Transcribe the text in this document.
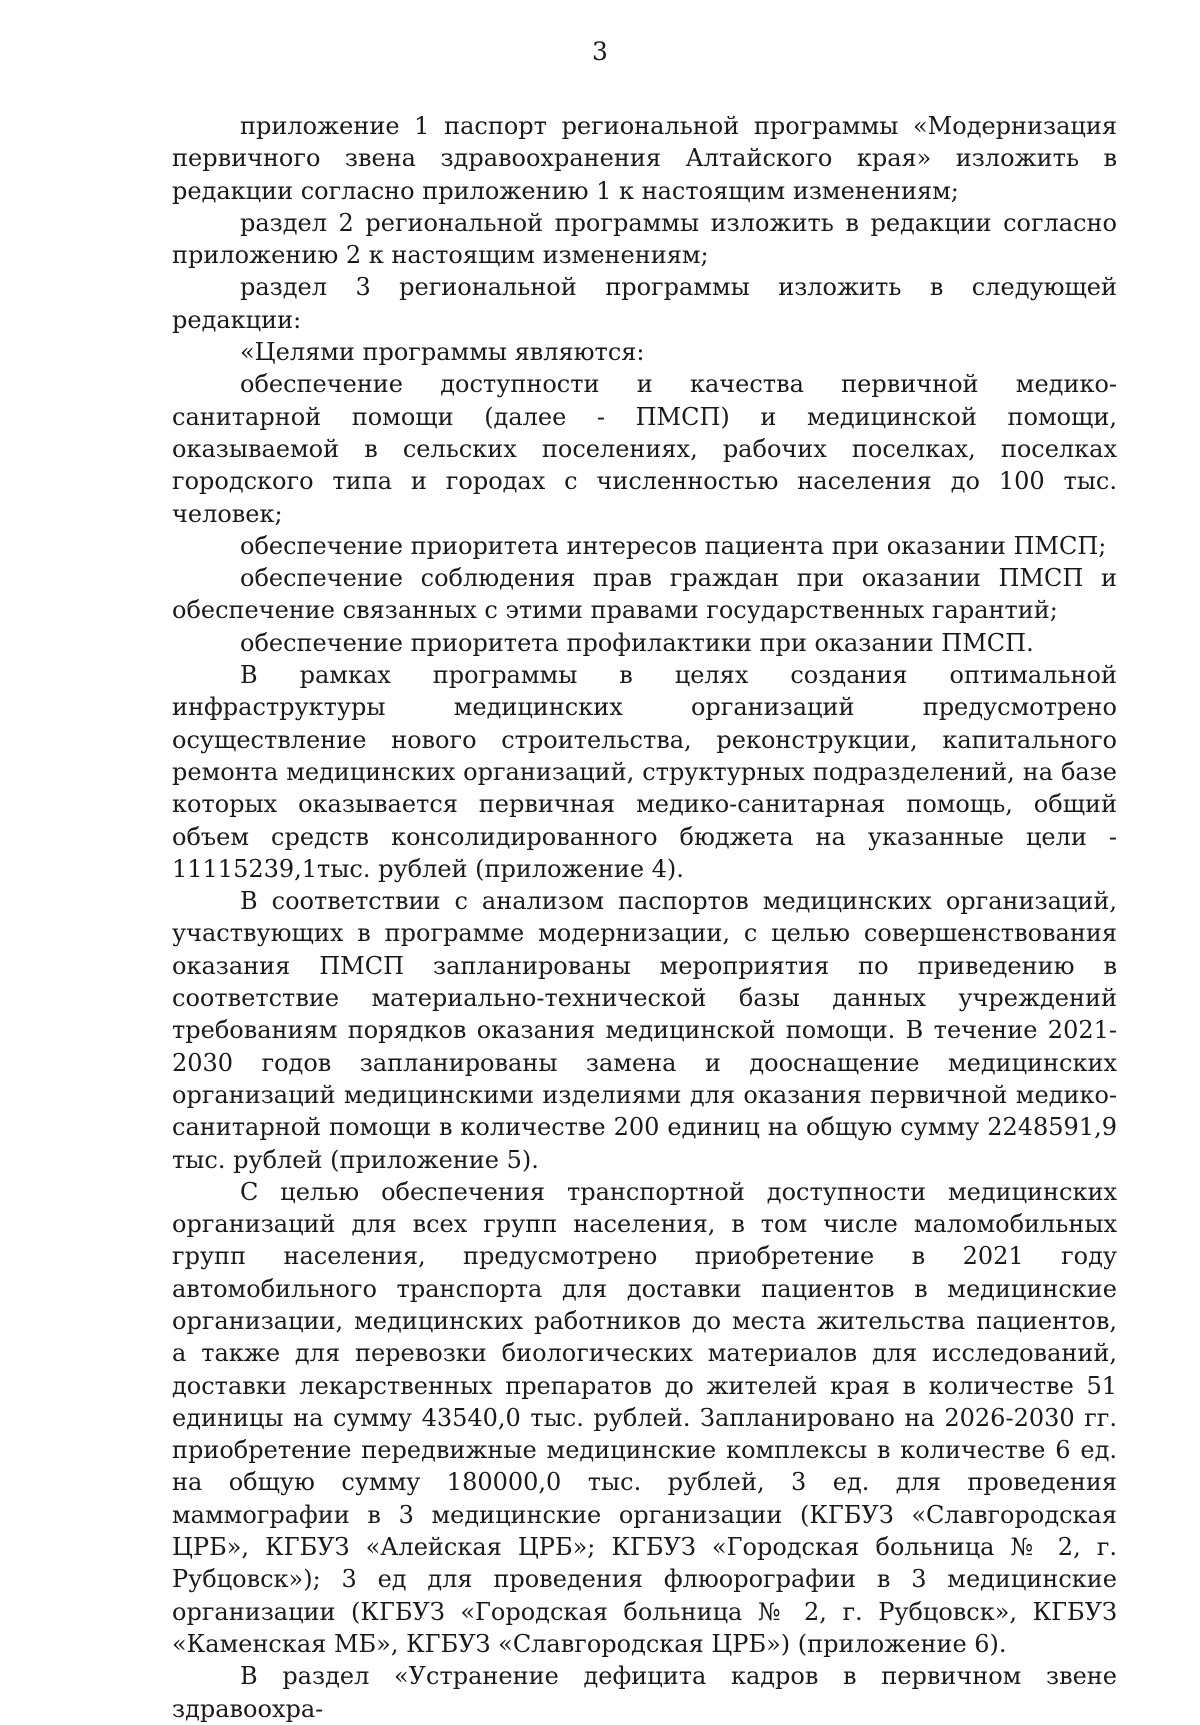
3

приложение 1 паспорт региональной программы «Модернизация первичного звена здравоохранения Алтайского края» изложить в редакции согласно приложению 1 к настоящим изменениям;

раздел 2 региональной программы изложить в редакции согласно приложению 2 к настоящим изменениям;

раздел 3 региональной программы изложить в следующей редакции:

«Целями программы являются:

обеспечение доступности и качества первичной медико-санитарной помощи (далее - ПМСП) и медицинской помощи, оказываемой в сельских поселениях, рабочих поселках, поселках городского типа и городах с численностью населения до 100 тыс. человек;

обеспечение приоритета интересов пациента при оказании ПМСП;

обеспечение соблюдения прав граждан при оказании ПМСП и обеспечение связанных с этими правами государственных гарантий;

обеспечение приоритета профилактики при оказании ПМСП.

В рамках программы в целях создания оптимальной инфраструктуры медицинских организаций предусмотрено осуществление нового строительства, реконструкции, капитального ремонта медицинских организаций, структурных подразделений, на базе которых оказывается первичная медико-санитарная помощь, общий объем средств консолидированного бюджета на указанные цели - 11115239,1тыс. рублей (приложение 4).

В соответствии с анализом паспортов медицинских организаций, участвующих в программе модернизации, с целью совершенствования оказания ПМСП запланированы мероприятия по приведению в соответствие материально-технической базы данных учреждений требованиям порядков оказания медицинской помощи. В течение 2021-2030 годов запланированы замена и дооснащение медицинских организаций медицинскими изделиями для оказания первичной медико-санитарной помощи в количестве 200 единиц на общую сумму 2248591,9 тыс. рублей (приложение 5).

С целью обеспечения транспортной доступности медицинских организаций для всех групп населения, в том числе маломобильных групп населения, предусмотрено приобретение в 2021 году автомобильного транспорта для доставки пациентов в медицинские организации, медицинских работников до места жительства пациентов, а также для перевозки биологических материалов для исследований, доставки лекарственных препаратов до жителей края в количестве 51 единицы на сумму 43540,0 тыс. рублей. Запланировано на 2026-2030 гг. приобретение передвижные медицинские комплексы в количестве 6 ед. на общую сумму 180000,0 тыс. рублей, 3 ед. для проведения маммографии в 3 медицинские организации (КГБУЗ «Славгородская ЦРБ», КГБУЗ «Алейская ЦРБ»; КГБУЗ «Городская больница № 2, г. Рубцовск»); 3 ед для проведения флюорографии в 3 медицинские организации (КГБУЗ «Городская больница № 2, г. Рубцовск», КГБУЗ «Каменская МБ», КГБУЗ «Славгородская ЦРБ») (приложение 6).

В раздел «Устранение дефицита кадров в первичном звене здравоохра-
